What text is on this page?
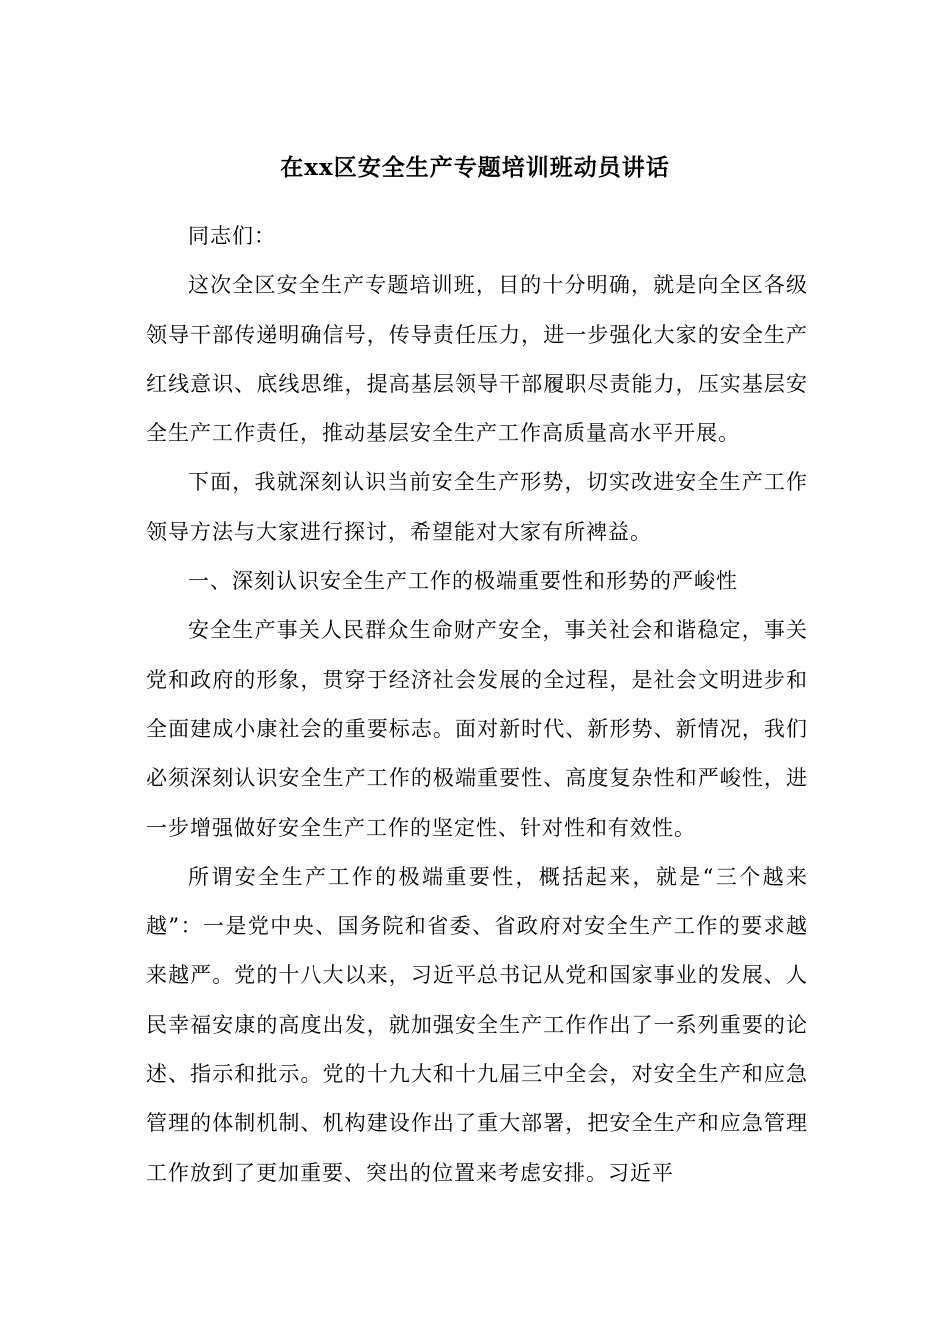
在xx区安全生产专题培训班动员讲话

同志们：

这次全区安全生产专题培训班，目的十分明确，就是向全区各级领导干部传递明确信号，传导责任压力，进一步强化大家的安全生产红线意识、底线思维，提高基层领导干部履职尽责能力，压实基层安全生产工作责任，推动基层安全生产工作高质量高水平开展。

下面，我就深刻认识当前安全生产形势，切实改进安全生产工作领导方法与大家进行探讨，希望能对大家有所裨益。

一、深刻认识安全生产工作的极端重要性和形势的严峻性

安全生产事关人民群众生命财产安全，事关社会和谐稳定，事关党和政府的形象，贯穿于经济社会发展的全过程，是社会文明进步和全面建成小康社会的重要标志。面对新时代、新形势、新情况，我们必须深刻认识安全生产工作的极端重要性、高度复杂性和严峻性，进一步增强做好安全生产工作的坚定性、针对性和有效性。

所谓安全生产工作的极端重要性，概括起来，就是“三个越来越”：一是党中央、国务院和省委、省政府对安全生产工作的要求越来越严。党的十八大以来，习近平总书记从党和国家事业的发展、人民幸福安康的高度出发，就加强安全生产工作作出了一系列重要的论述、指示和批示。党的十九大和十九届三中全会，对安全生产和应急管理的体制机制、机构建设作出了重大部署，把安全生产和应急管理工作放到了更加重要、突出的位置来考虑安排。习近平
